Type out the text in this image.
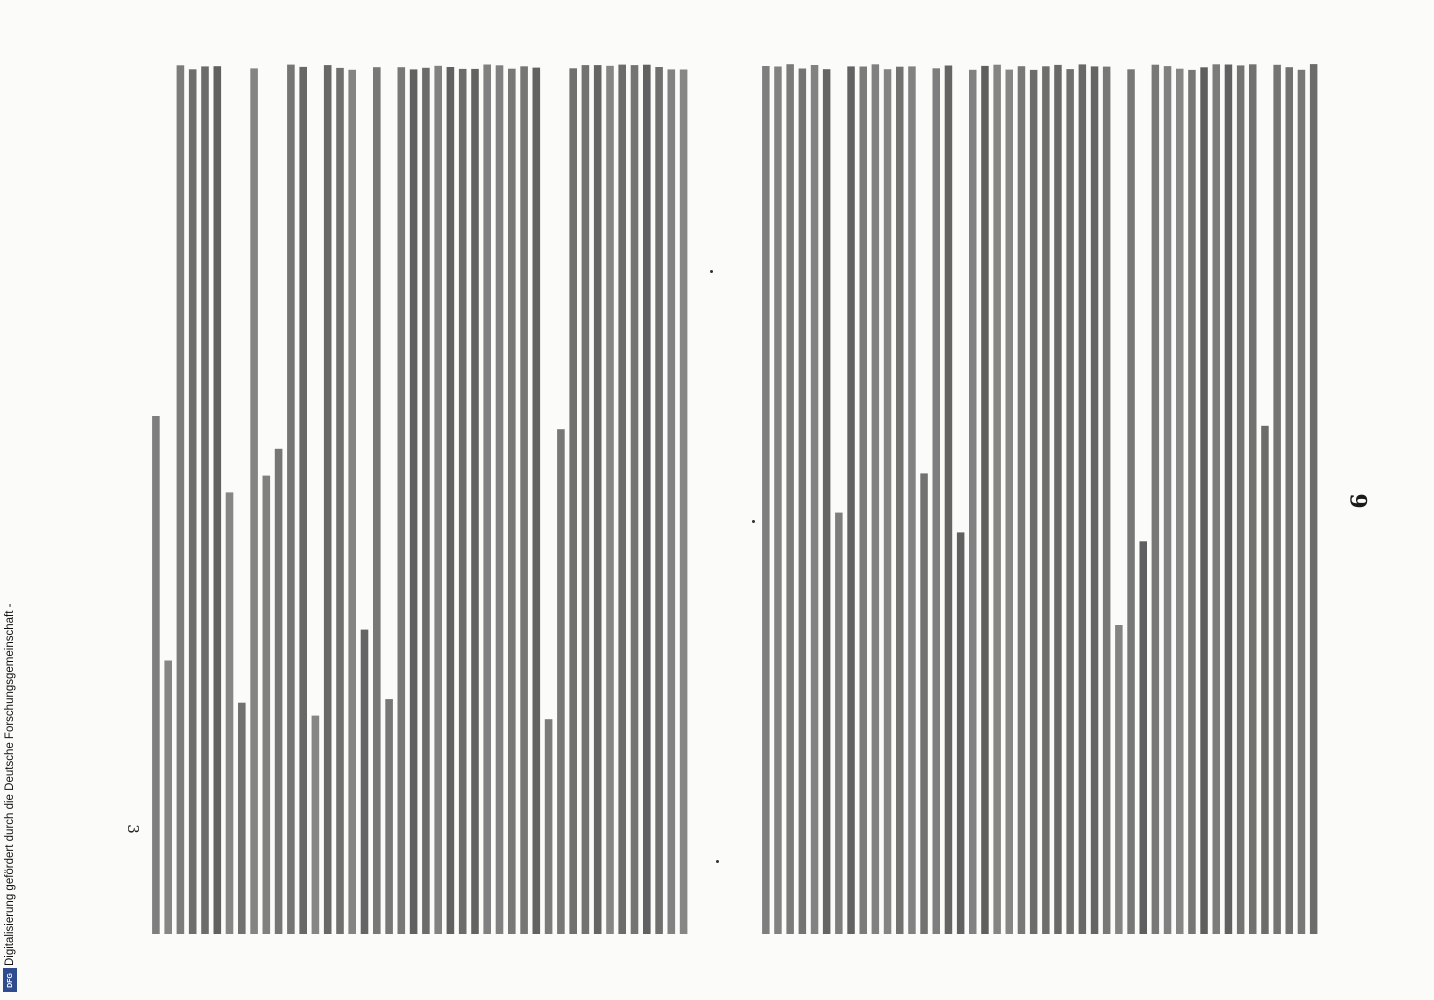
9
3
Digitalisierung gefördert durch die Deutsche Forschungsgemeinschaft -
DFG
